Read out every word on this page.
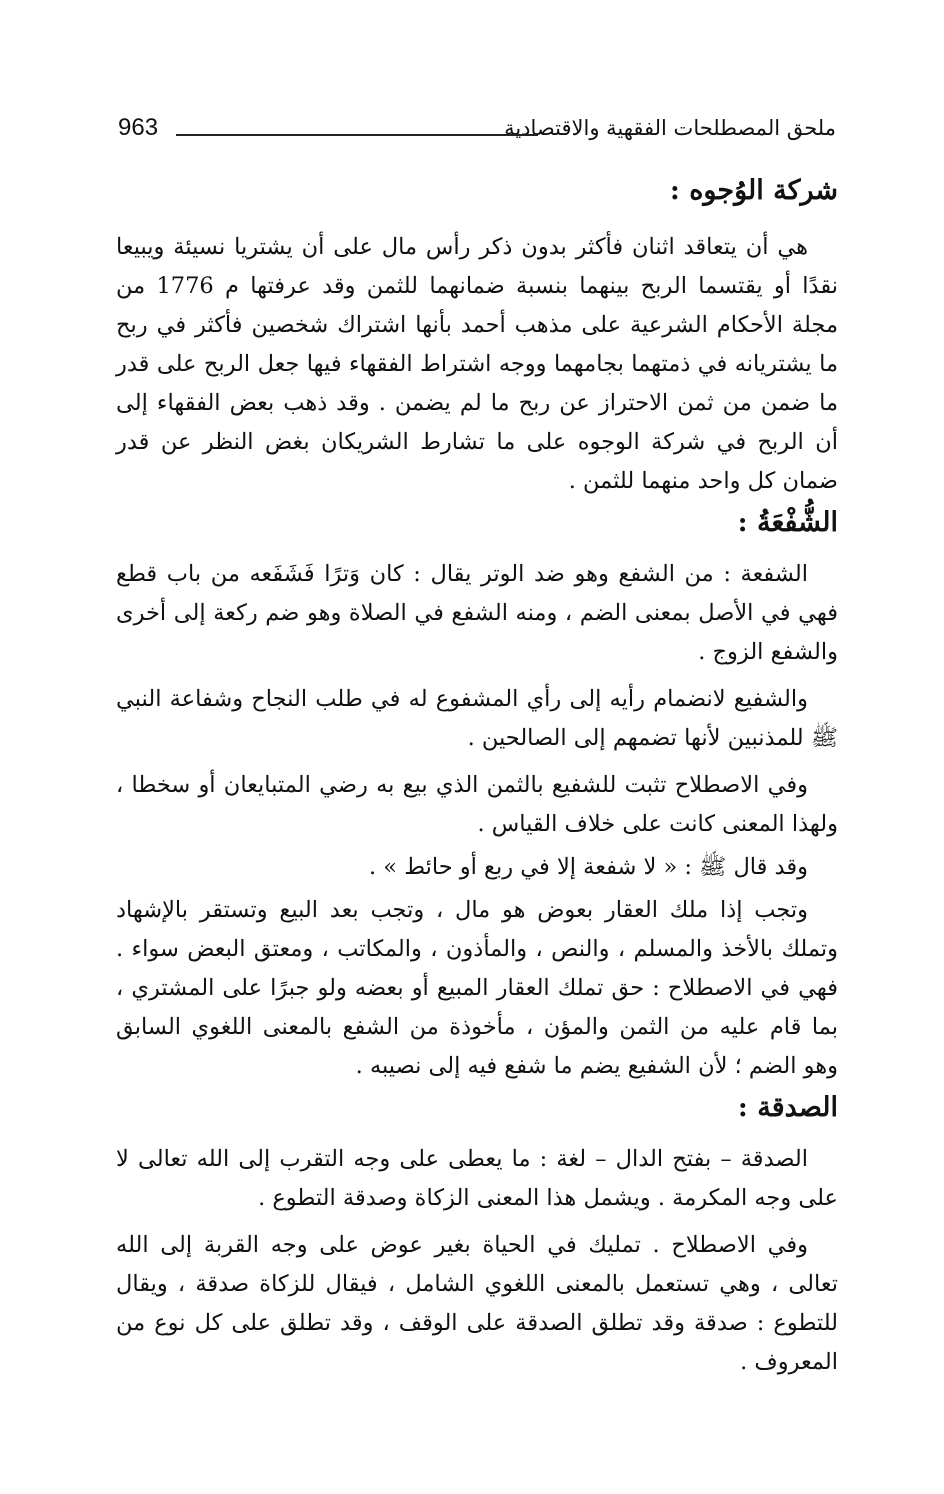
ملحق المصطلحات الفقهية والاقتصادية
963
شركة الوُجوه :

هي أن يتعاقد اثنان فأكثر بدون ذكر رأس مال على أن يشتريا نسيئة ويبيعا نقدًا أو يقتسما الربح بينهما بنسبة ضمانهما للثمن وقد عرفتها م 1776 من مجلة الأحكام الشرعية على مذهب أحمد بأنها اشتراك شخصين فأكثر في ربح ما يشتريانه في ذمتهما بجامهما ووجه اشتراط الفقهاء فيها جعل الربح على قدر ما ضمن من ثمن الاحتراز عن ربح ما لم يضمن . وقد ذهب بعض الفقهاء إلى أن الربح في شركة الوجوه على ما تشارط الشريكان بغض النظر عن قدر ضمان كل واحد منهما للثمن .

الشُّفْعَةُ :

الشفعة : من الشفع وهو ضد الوتر يقال : كان وَترًا فَشَفَعه من باب قطع فهي في الأصل بمعنى الضم ، ومنه الشفع في الصلاة وهو ضم ركعة إلى أخرى والشفع الزوج .

والشفيع لانضمام رأيه إلى رأي المشفوع له في طلب النجاح وشفاعة النبي ﷺ للمذنبين لأنها تضمهم إلى الصالحين .

وفي الاصطلاح تثبت للشفيع بالثمن الذي بيع به رضي المتبايعان أو سخطا ، ولهذا المعنى كانت على خلاف القياس .

وقد قال ﷺ : « لا شفعة إلا في ربع أو حائط » .

وتجب إذا ملك العقار بعوض هو مال ، وتجب بعد البيع وتستقر بالإشهاد وتملك بالأخذ والمسلم ، والنص ، والمأذون ، والمكاتب ، ومعتق البعض سواء . فهي في الاصطلاح : حق تملك العقار المبيع أو بعضه ولو جبرًا على المشتري ، بما قام عليه من الثمن والمؤن ، مأخوذة من الشفع بالمعنى اللغوي السابق وهو الضم ؛ لأن الشفيع يضم ما شفع فيه إلى نصيبه .

الصدقة :

الصدقة – بفتح الدال – لغة : ما يعطى على وجه التقرب إلى الله تعالى لا على وجه المكرمة . ويشمل هذا المعنى الزكاة وصدقة التطوع .

وفي الاصطلاح . تمليك في الحياة بغير عوض على وجه القربة إلى الله تعالى ، وهي تستعمل بالمعنى اللغوي الشامل ، فيقال للزكاة صدقة ، ويقال للتطوع : صدقة وقد تطلق الصدقة على الوقف ، وقد تطلق على كل نوع من المعروف .
